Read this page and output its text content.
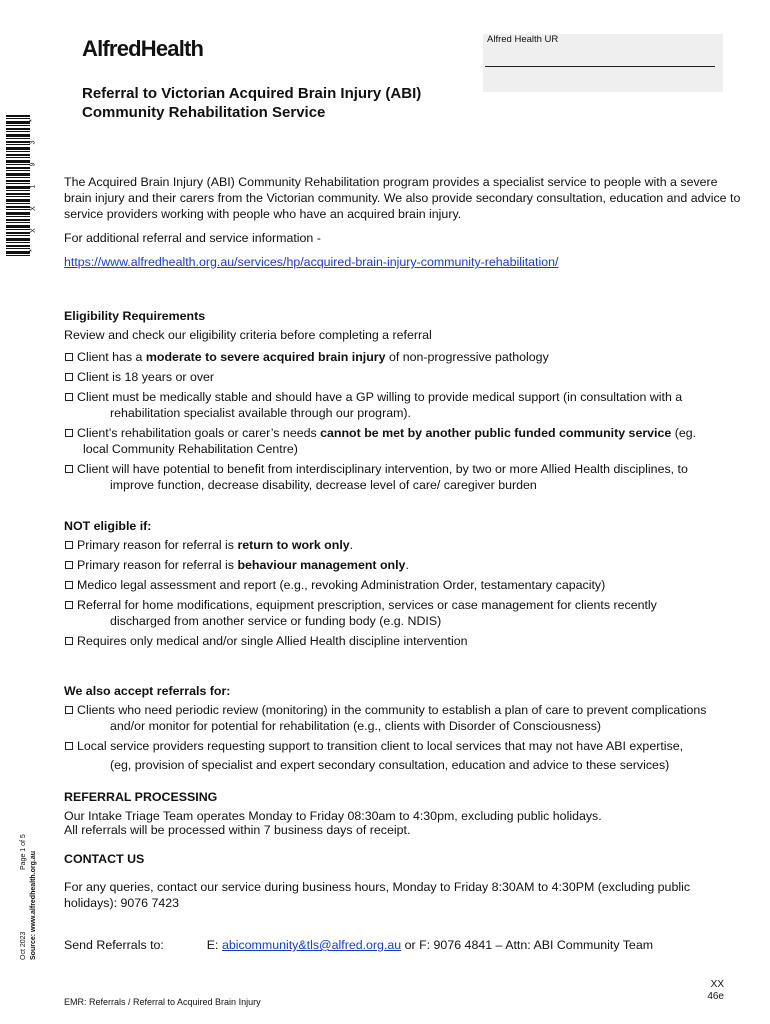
AlfredHealth	Alfred Health UR
Referral to Victorian Acquired Brain Injury (ABI)
Community Rehabilitation Service
*
3
9
1
X
X
*
The Acquired Brain Injury (ABI) Community Rehabilitation program provides a specialist service to people with a severe brain injury and their carers from the Victorian community. We also provide secondary consultation, education and advice to service providers working with people who have an acquired brain injury.
For additional referral and service information -
https://www.alfredhealth.org.au/services/hp/acquired-brain-injury-community-rehabilitation/
Eligibility Requirements
Review and check our eligibility criteria before completing a referral
Client has a moderate to severe acquired brain injury of non-progressive pathology
Client is 18 years or over
Client must be medically stable and should have a GP willing to provide medical support (in consultation with a
rehabilitation specialist available through our program).
Client’s rehabilitation goals or carer’s needs cannot be met by another public funded community service (eg.
local Community Rehabilitation Centre)
Client will have potential to benefit from interdisciplinary intervention, by two or more Allied Health disciplines, to
improve function, decrease disability, decrease level of care/ caregiver burden
NOT eligible if:
Primary reason for referral is return to work only.
Primary reason for referral is behaviour management only.
Medico legal assessment and report (e.g., revoking Administration Order, testamentary capacity)
Referral for home modifications, equipment prescription, services or case management for clients recently
discharged from another service or funding body (e.g. NDIS)
Requires only medical and/or single Allied Health discipline intervention
We also accept referrals for:
Clients who need periodic review (monitoring) in the community to establish a plan of care to prevent complications
and/or monitor for potential for rehabilitation (e.g., clients with Disorder of Consciousness)
Local service providers requesting support to transition client to local services that may not have ABI expertise,
(eg, provision of specialist and expert secondary consultation, education and advice to these services)
REFERRAL PROCESSING
Our Intake Triage Team operates Monday to Friday 08:30am to 4:30pm, excluding public holidays.
All referrals will be processed within 7 business days of receipt.
CONTACT US
For any queries, contact our service during business hours, Monday to Friday 8:30AM to 4:30PM (excluding public holidays): 9076 7423
Send Referrals to:	E: abicommunity&tls@alfred.org.au or F: 9076 4841 – Attn: ABI Community Team
Oct 2023 Source: www.alfredhealth.org.au
Page 1 of 5
EMR: Referrals / Referral to Acquired Brain Injury
XX
46e
